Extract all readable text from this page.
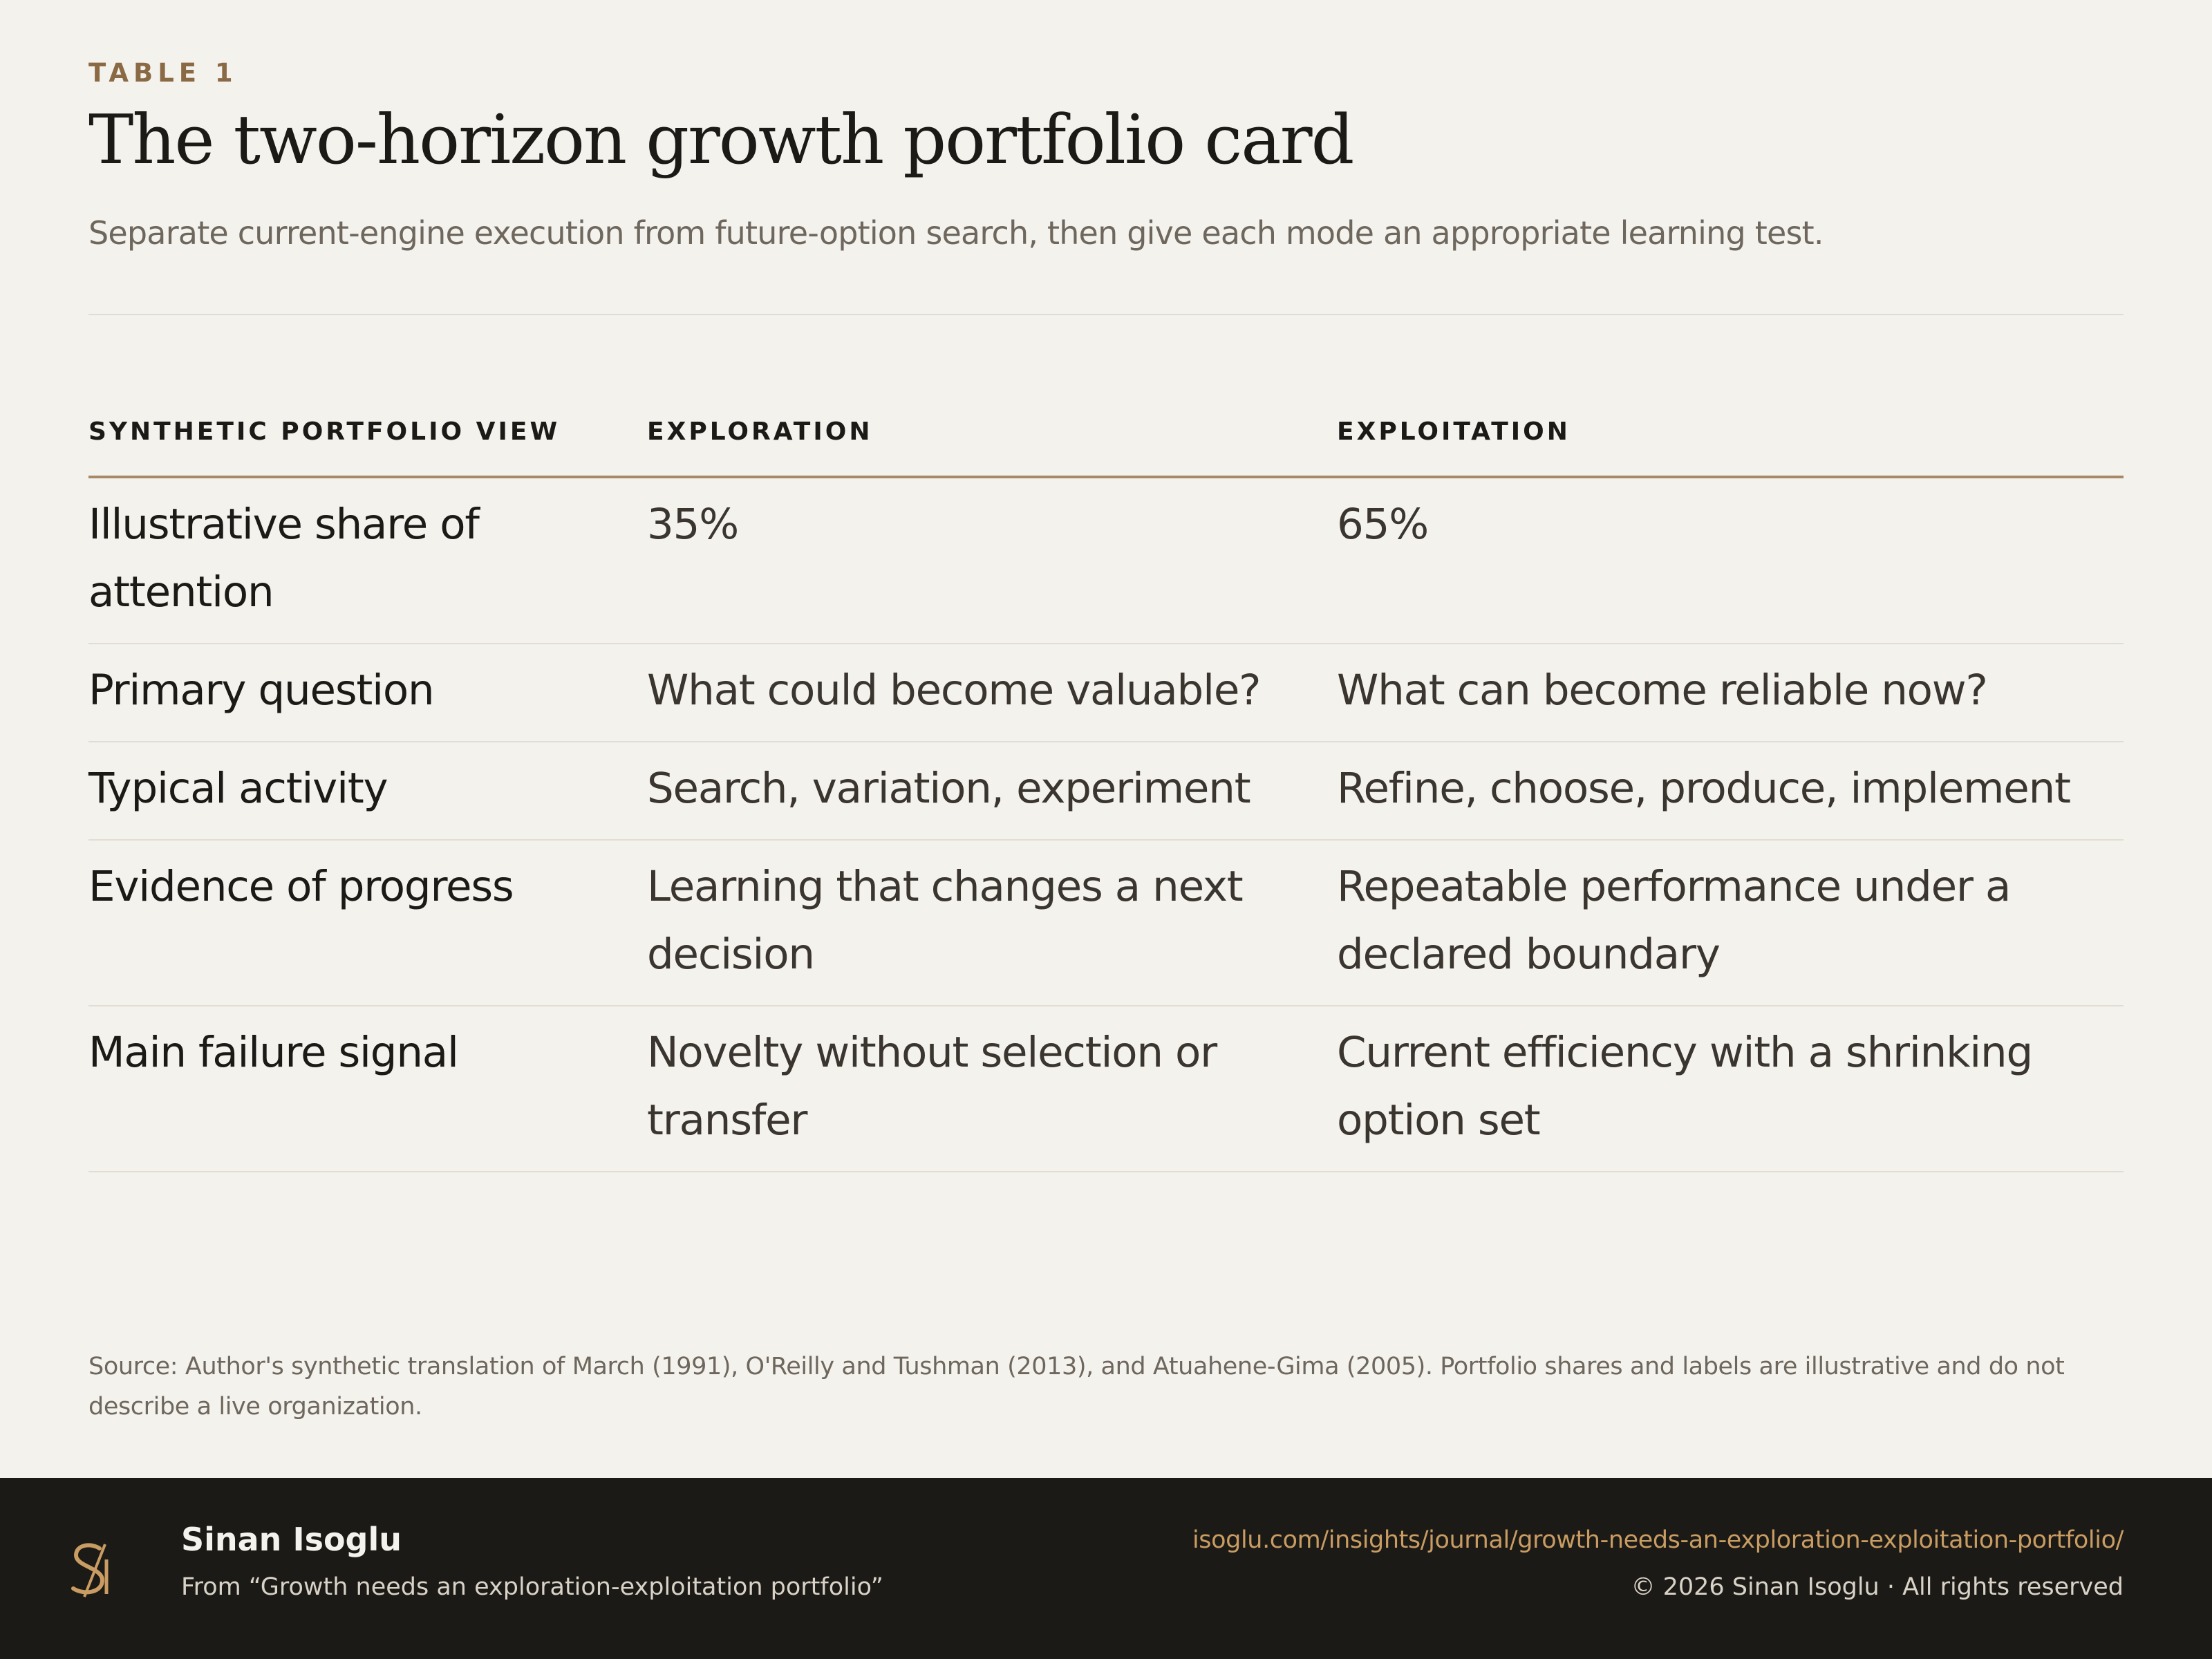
TABLE 1
The two-horizon growth portfolio card
Separate current-engine execution from future-option search, then give each mode an appropriate learning test.
SYNTHETIC PORTFOLIO VIEW	EXPLORATION	EXPLOITATION
Illustrative share of attention	35%	65%
Primary question	What could become valuable?	What can become reliable now?
Typical activity	Search, variation, experiment	Refine, choose, produce, implement
Evidence of progress	Learning that changes a next decision	Repeatable performance under a declared boundary
Main failure signal	Novelty without selection or transfer	Current efficiency with a shrinking option set
Source: Author's synthetic translation of March (1991), O'Reilly and Tushman (2013), and Atuahene-Gima (2005). Portfolio shares and labels are illustrative and do not describe a live organization.
Sinan Isoglu
From “Growth needs an exploration-exploitation portfolio”
isoglu.com/insights/journal/growth-needs-an-exploration-exploitation-portfolio/
© 2026 Sinan Isoglu · All rights reserved
